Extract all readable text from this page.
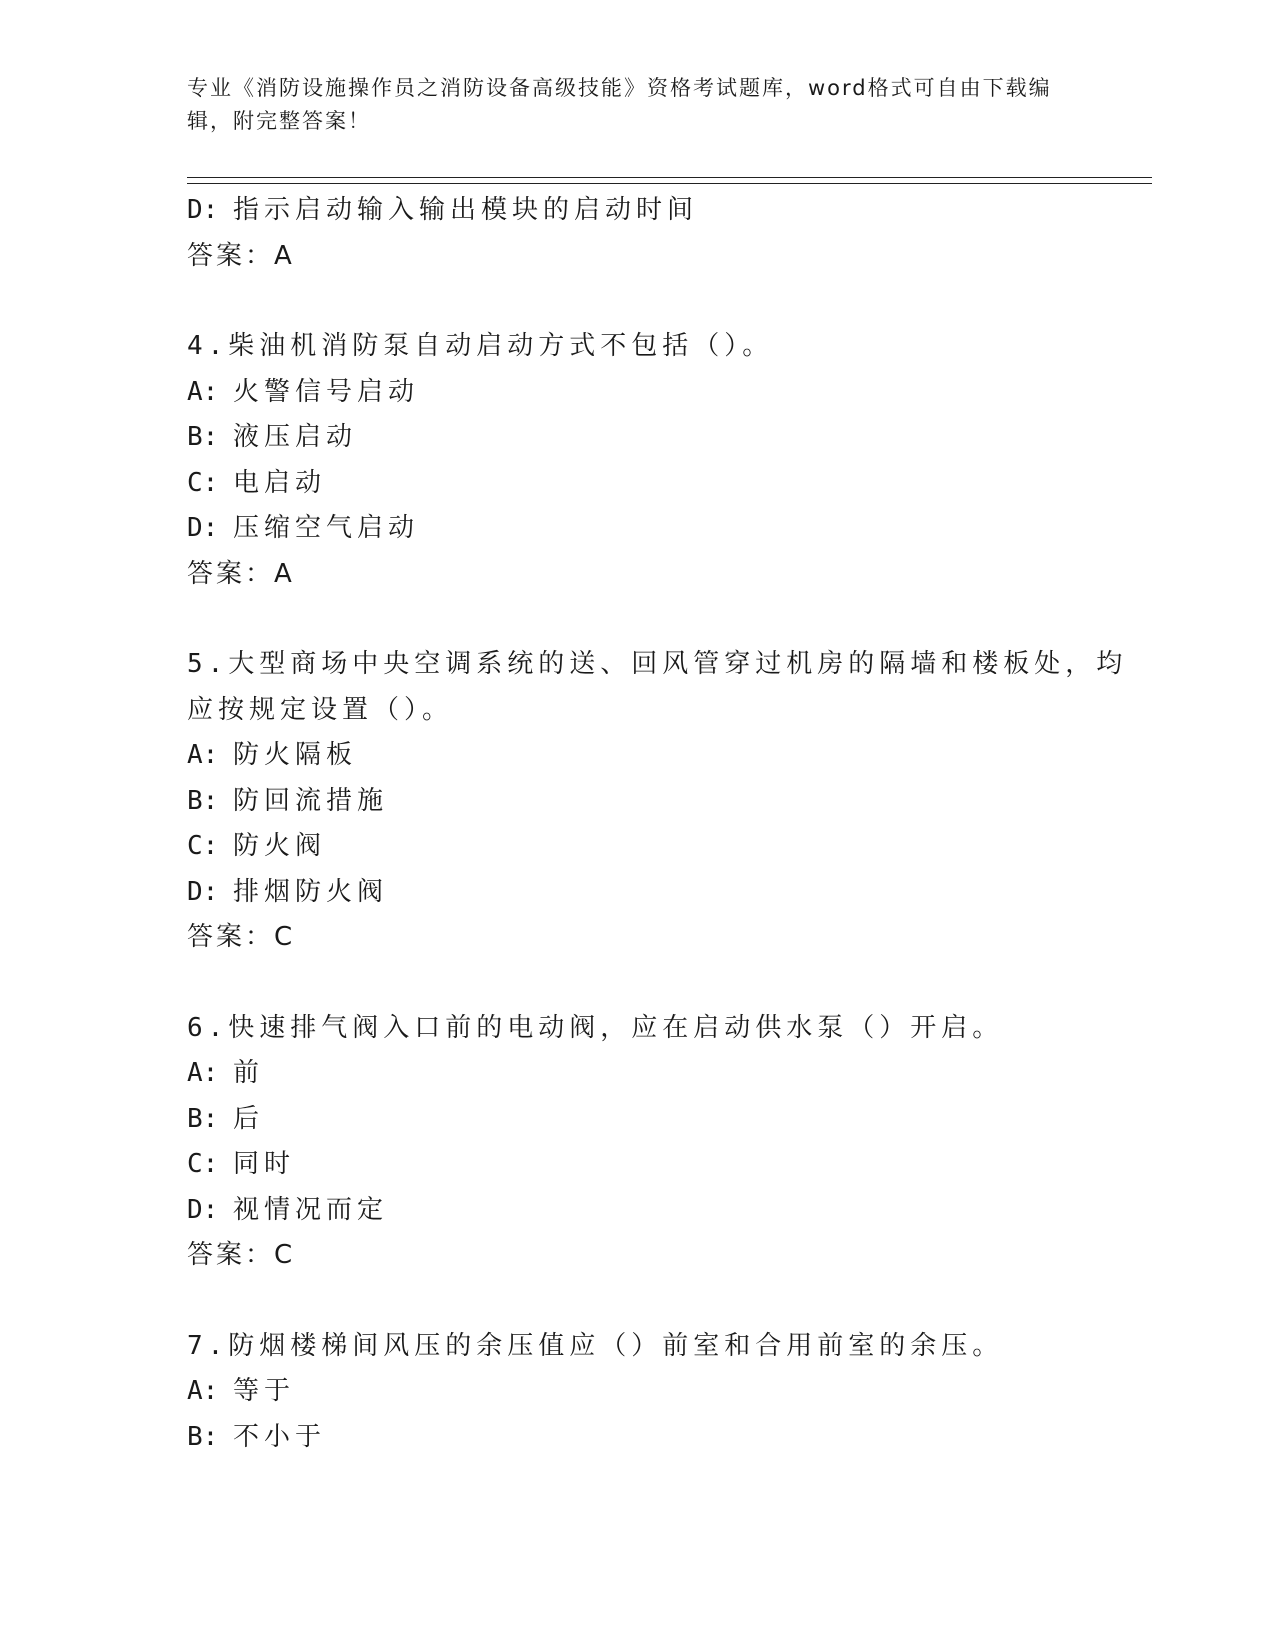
专业《消防设施操作员之消防设备高级技能》资格考试题库，word格式可自由下载编辑，附完整答案！
D: 指示启动输入输出模块的启动时间
答案：A
4.柴油机消防泵自动启动方式不包括（）。
A: 火警信号启动
B: 液压启动
C: 电启动
D: 压缩空气启动
答案：A
5.大型商场中央空调系统的送、回风管穿过机房的隔墙和楼板处，均
应按规定设置（）。
A: 防火隔板
B: 防回流措施
C: 防火阀
D: 排烟防火阀
答案：C
6.快速排气阀入口前的电动阀，应在启动供水泵（）开启。
A: 前
B: 后
C: 同时
D: 视情况而定
答案：C
7.防烟楼梯间风压的余压值应（）前室和合用前室的余压。
A: 等于
B: 不小于
